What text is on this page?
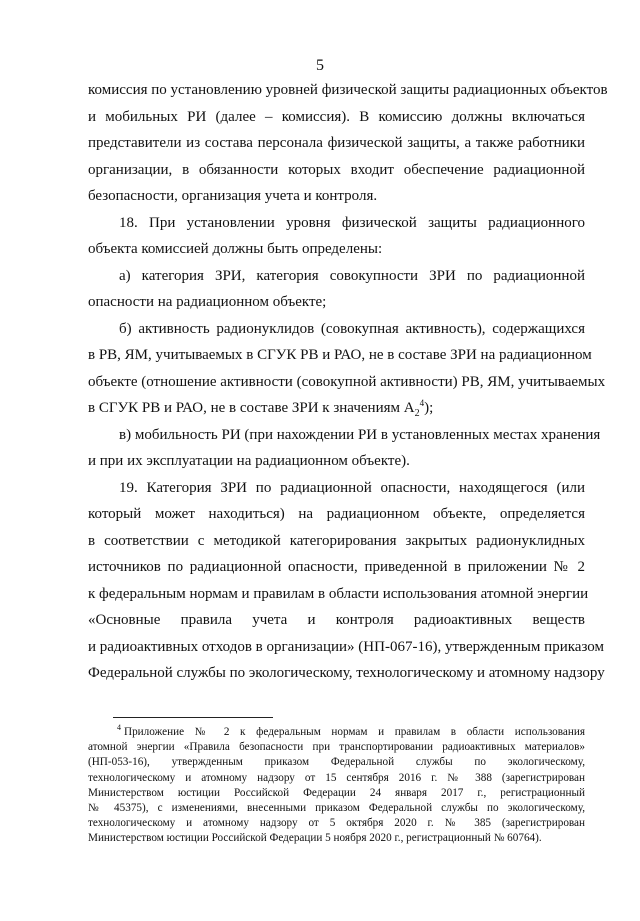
5
комиссия по установлению уровней физической защиты радиационных объектов
и мобильных РИ (далее – комиссия). В комиссию должны включаться
представители из состава персонала физической защиты, а также работники
организации, в обязанности которых входит обеспечение радиационной
безопасности, организация учета и контроля.
18. При установлении уровня физической защиты радиационного
объекта комиссией должны быть определены:
а) категория ЗРИ, категория совокупности ЗРИ по радиационной
опасности на радиационном объекте;
б) активность радионуклидов (совокупная активность), содержащихся
в РВ, ЯМ, учитываемых в СГУК РВ и РАО, не в составе ЗРИ на радиационном
объекте (отношение активности (совокупной активности) РВ, ЯМ, учитываемых
в СГУК РВ и РАО, не в составе ЗРИ к значениям $А_2^4$);
в) мобильность РИ (при нахождении РИ в установленных местах хранения
и при их эксплуатации на радиационном объекте).
19. Категория ЗРИ по радиационной опасности, находящегося (или
который может находиться) на радиационном объекте, определяется
в соответствии с методикой категорирования закрытых радионуклидных
источников по радиационной опасности, приведенной в приложении № 2
к федеральным нормам и правилам в области использования атомной энергии
«Основные правила учета и контроля радиоактивных веществ
и радиоактивных отходов в организации» (НП-067-16), утвержденным приказом
Федеральной службы по экологическому, технологическому и атомному надзору
$^4$ Приложение № 2 к федеральным нормам и правилам в области использования
атомной энергии «Правила безопасности при транспортировании радиоактивных материалов»
(НП-053-16), утвержденным приказом Федеральной службы по экологическому,
технологическому и атомному надзору от 15 сентября 2016 г. № 388 (зарегистрирован
Министерством юстиции Российской Федерации 24 января 2017 г., регистрационный
№ 45375), с изменениями, внесенными приказом Федеральной службы по экологическому,
технологическому и атомному надзору от 5 октября 2020 г. № 385 (зарегистрирован
Министерством юстиции Российской Федерации 5 ноября 2020 г., регистрационный № 60764).
